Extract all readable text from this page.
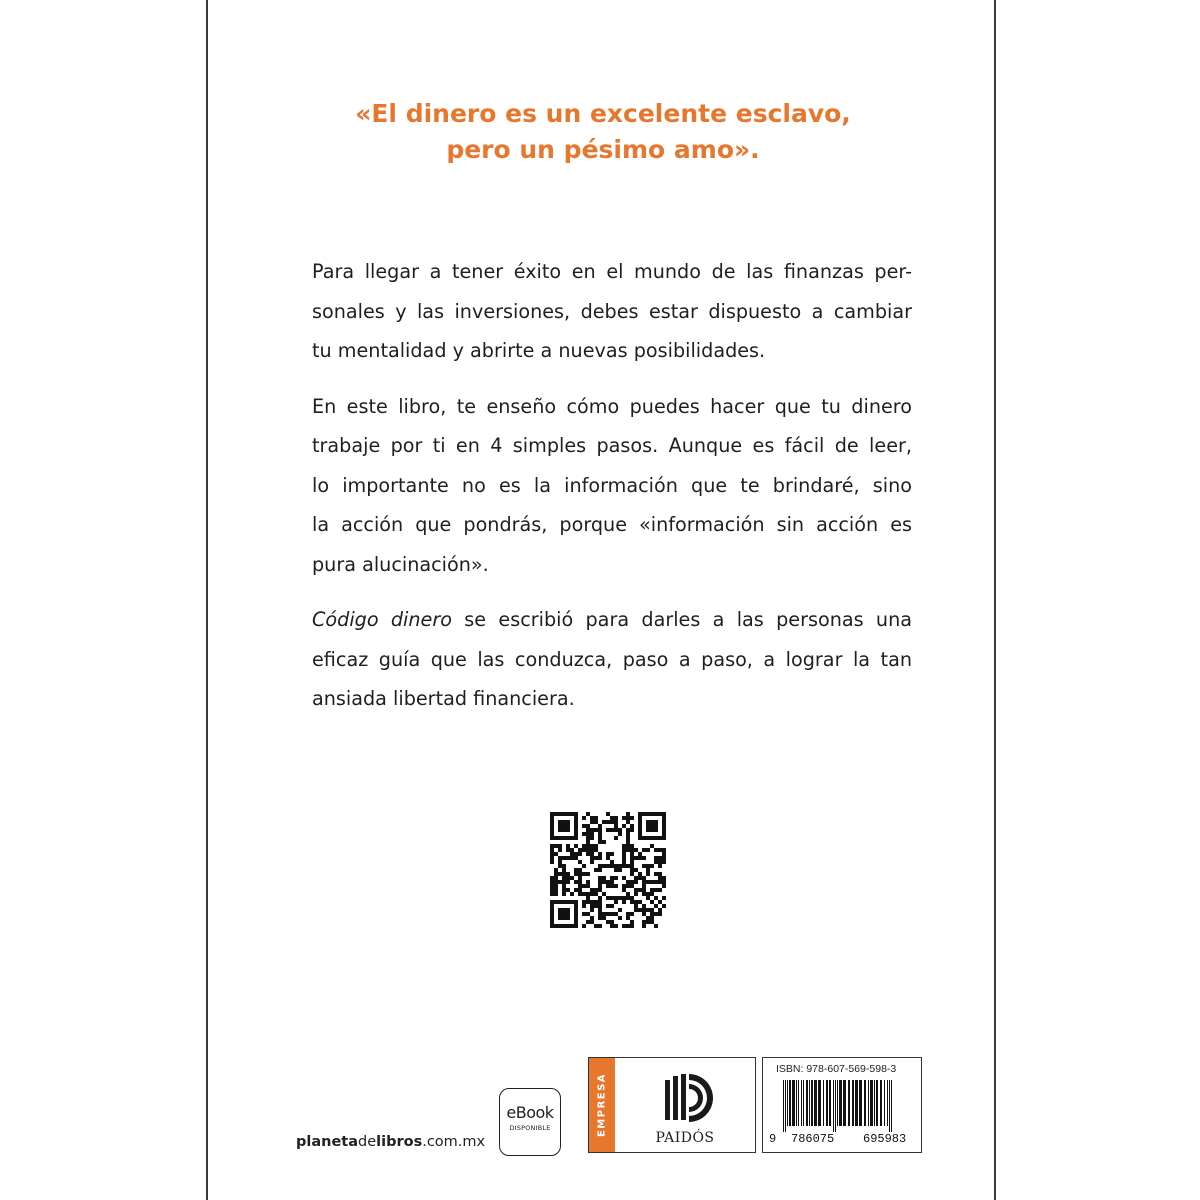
«El dinero es un excelente esclavo,
pero un pésimo amo».

Para llegar a tener éxito en el mundo de las finanzas per-
sonales y las inversiones, debes estar dispuesto a cambiar
tu mentalidad y abrirte a nuevas posibilidades.

En este libro, te enseño cómo puedes hacer que tu dinero
trabaje por ti en 4 simples pasos. Aunque es fácil de leer,
lo importante no es la información que te brindaré, sino
la acción que pondrás, porque «información sin acción es
pura alucinación».

Código dinero se escribió para darles a las personas una
eficaz guía que las conduzca, paso a paso, a lograr la tan
ansiada libertad financiera.

planetadelibros.com.mx
eBook
DISPONIBLE	EMPRESA
PAIDÓS
ISBN: 978-607-569-598-3
9 786075 695983
